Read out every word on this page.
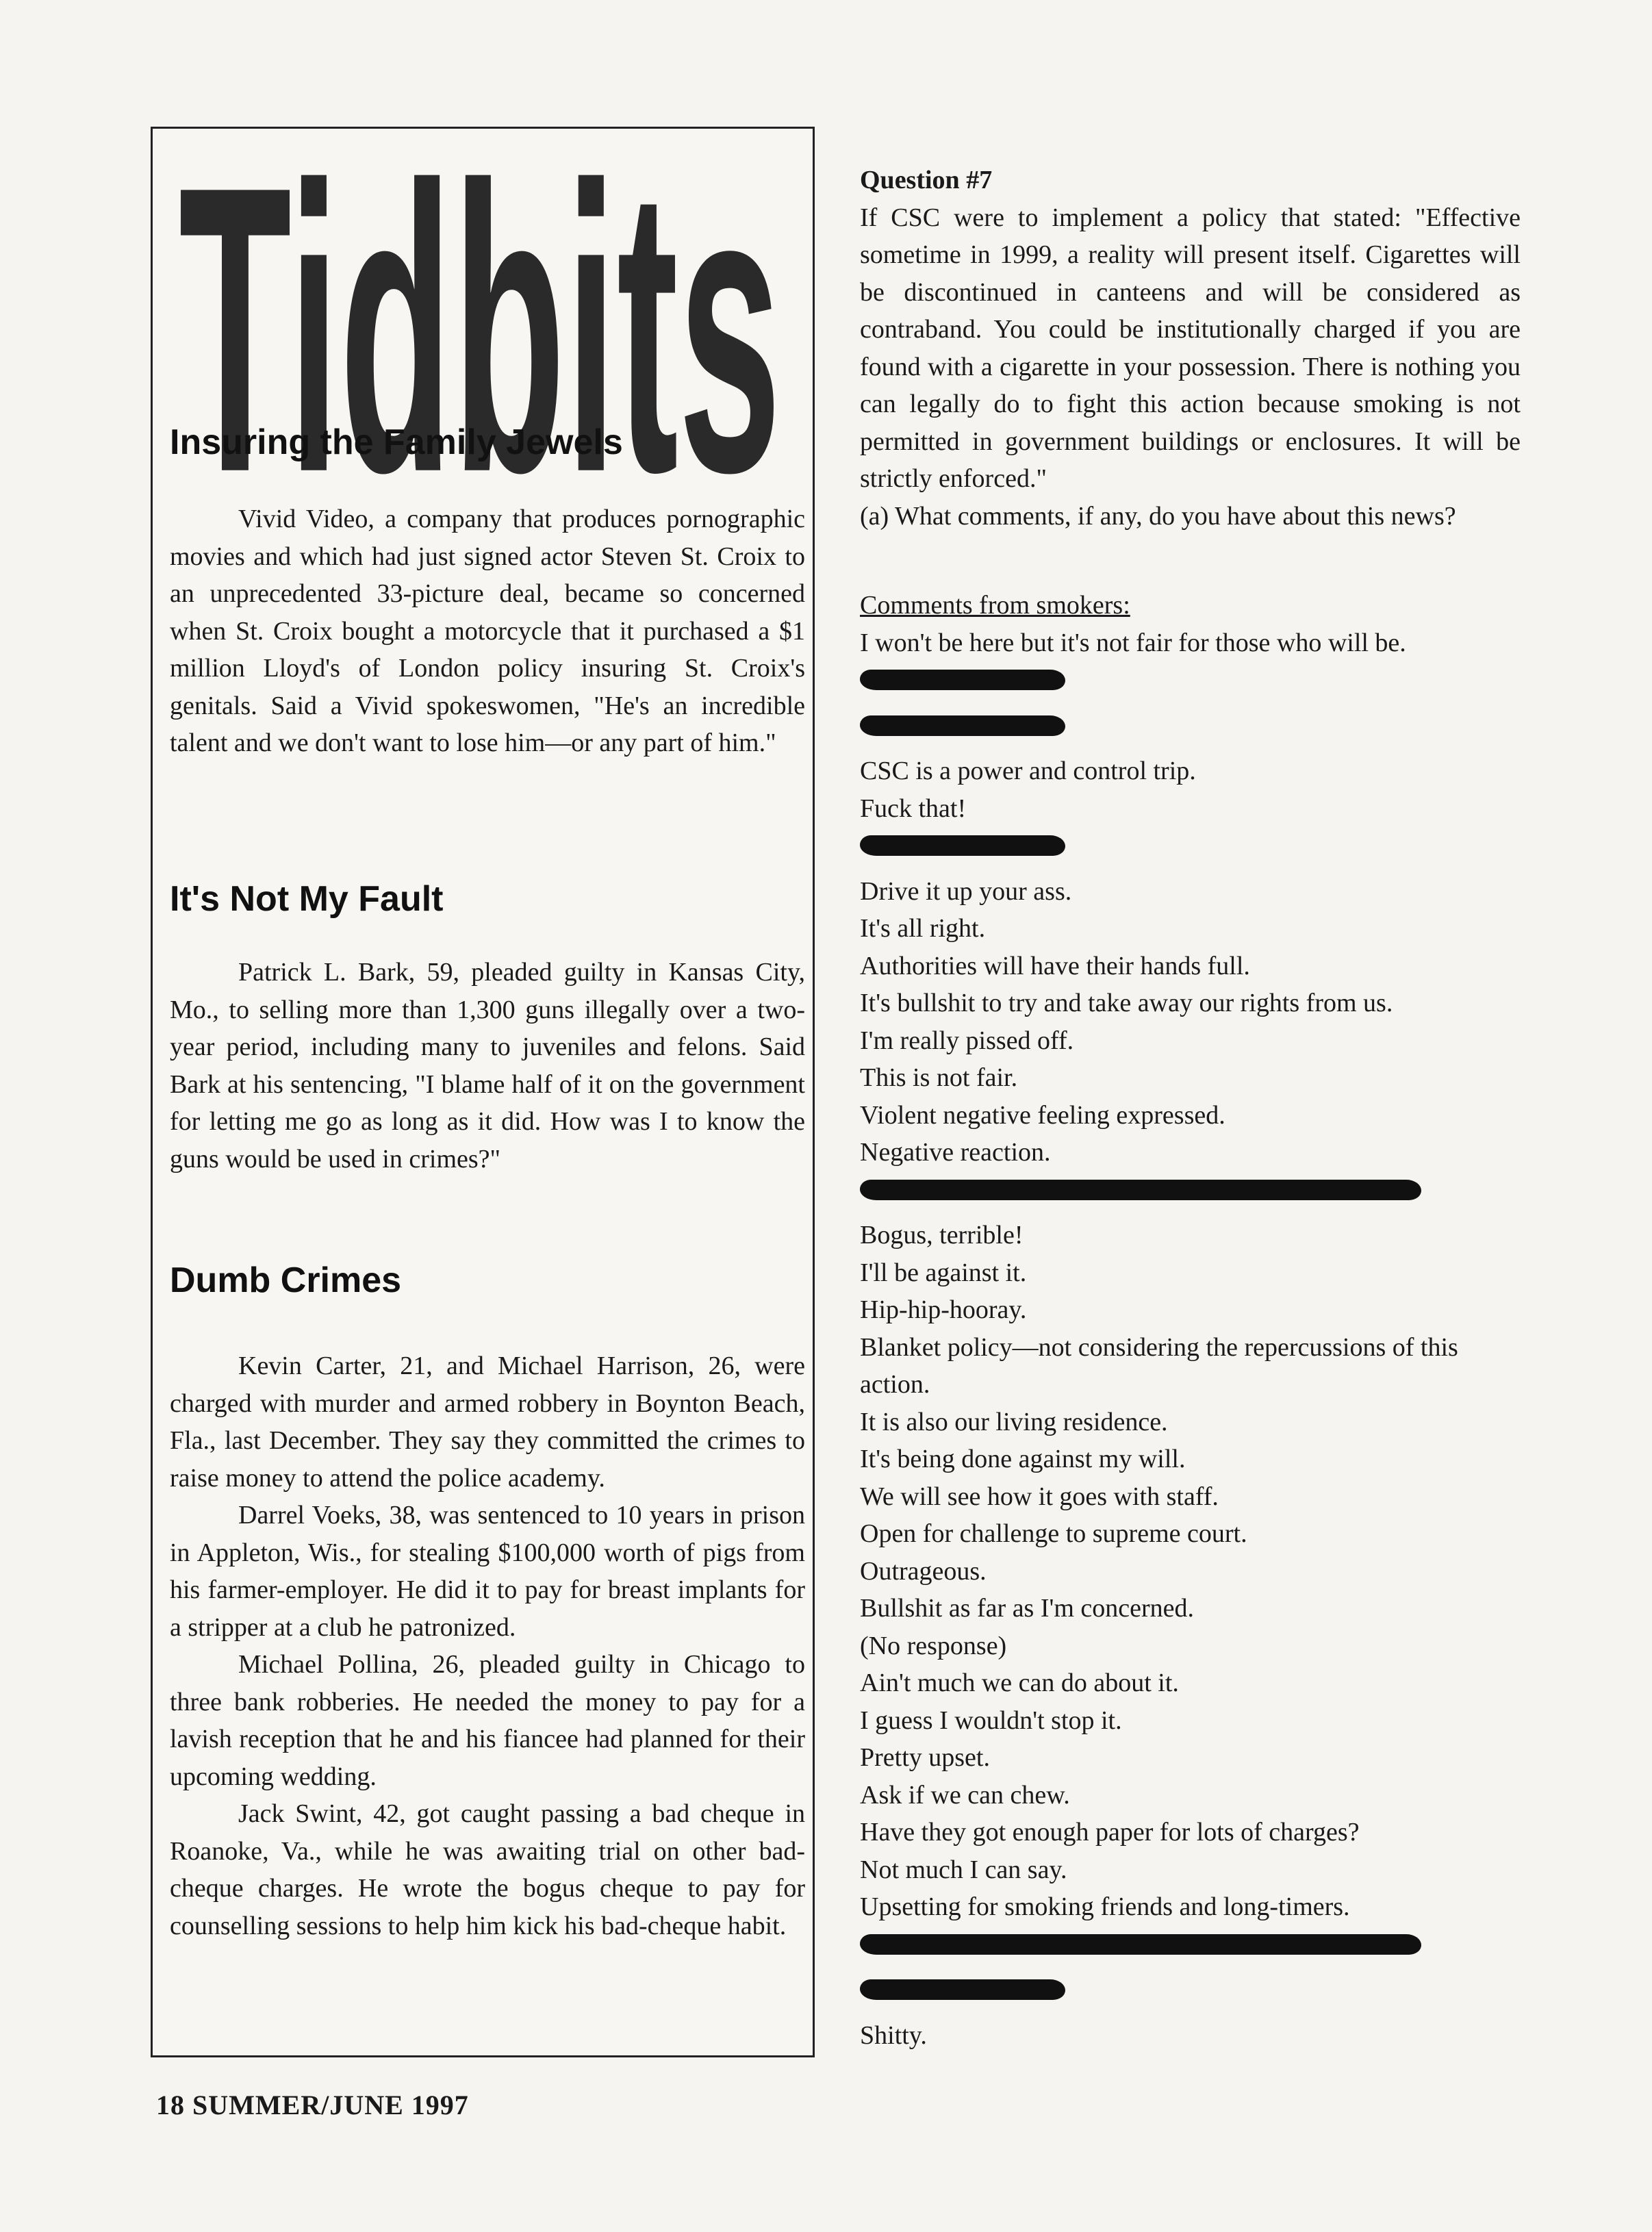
Tidbits
Insuring the Family Jewels

Vivid Video, a company that produces pornographic movies and which had just signed actor Steven St. Croix to an unprecedented 33-picture deal, became so concerned when St. Croix bought a motorcycle that it purchased a $1 million Lloyd's of London policy insuring St. Croix's genitals. Said a Vivid spokeswomen, "He's an incredible talent and we don't want to lose him—or any part of him."

It's Not My Fault

Patrick L. Bark, 59, pleaded guilty in Kansas City, Mo., to selling more than 1,300 guns illegally over a two-year period, including many to juveniles and felons. Said Bark at his sentencing, "I blame half of it on the government for letting me go as long as it did. How was I to know the guns would be used in crimes?"

Dumb Crimes

Kevin Carter, 21, and Michael Harrison, 26, were charged with murder and armed robbery in Boynton Beach, Fla., last December. They say they committed the crimes to raise money to attend the police academy.

Darrel Voeks, 38, was sentenced to 10 years in prison in Appleton, Wis., for stealing $100,000 worth of pigs from his farmer-employer. He did it to pay for breast implants for a stripper at a club he patronized.

Michael Pollina, 26, pleaded guilty in Chicago to three bank robberies. He needed the money to pay for a lavish reception that he and his fiancee had planned for their upcoming wedding.

Jack Swint, 42, got caught passing a bad cheque in Roanoke, Va., while he was awaiting trial on other bad-cheque charges. He wrote the bogus cheque to pay for counselling sessions to help him kick his bad-cheque habit.

Question #7

If CSC were to implement a policy that stated: "Effective sometime in 1999, a reality will present itself. Cigarettes will be discontinued in canteens and will be considered as contraband. You could be institutionally charged if you are found with a cigarette in your possession. There is nothing you can legally do to fight this action because smoking is not permitted in government buildings or enclosures. It will be strictly enforced."

(a) What comments, if any, do you have about this news?

Comments from smokers:

I won't be here but it's not fair for those who will be.
CSC is a power and control trip.
Fuck that!
Drive it up your ass.
It's all right.
Authorities will have their hands full.
It's bullshit to try and take away our rights from us.
I'm really pissed off.
This is not fair.
Violent negative feeling expressed.
Negative reaction.
Bogus, terrible!
I'll be against it.
Hip-hip-hooray.
Blanket policy—not considering the repercussions of this action.
It is also our living residence.
It's being done against my will.
We will see how it goes with staff.
Open for challenge to supreme court.
Outrageous.
Bullshit as far as I'm concerned.
(No response)
Ain't much we can do about it.
I guess I wouldn't stop it.
Pretty upset.
Ask if we can chew.
Have they got enough paper for lots of charges?
Not much I can say.
Upsetting for smoking friends and long-timers.
Shitty.

18 SUMMER/JUNE 1997
